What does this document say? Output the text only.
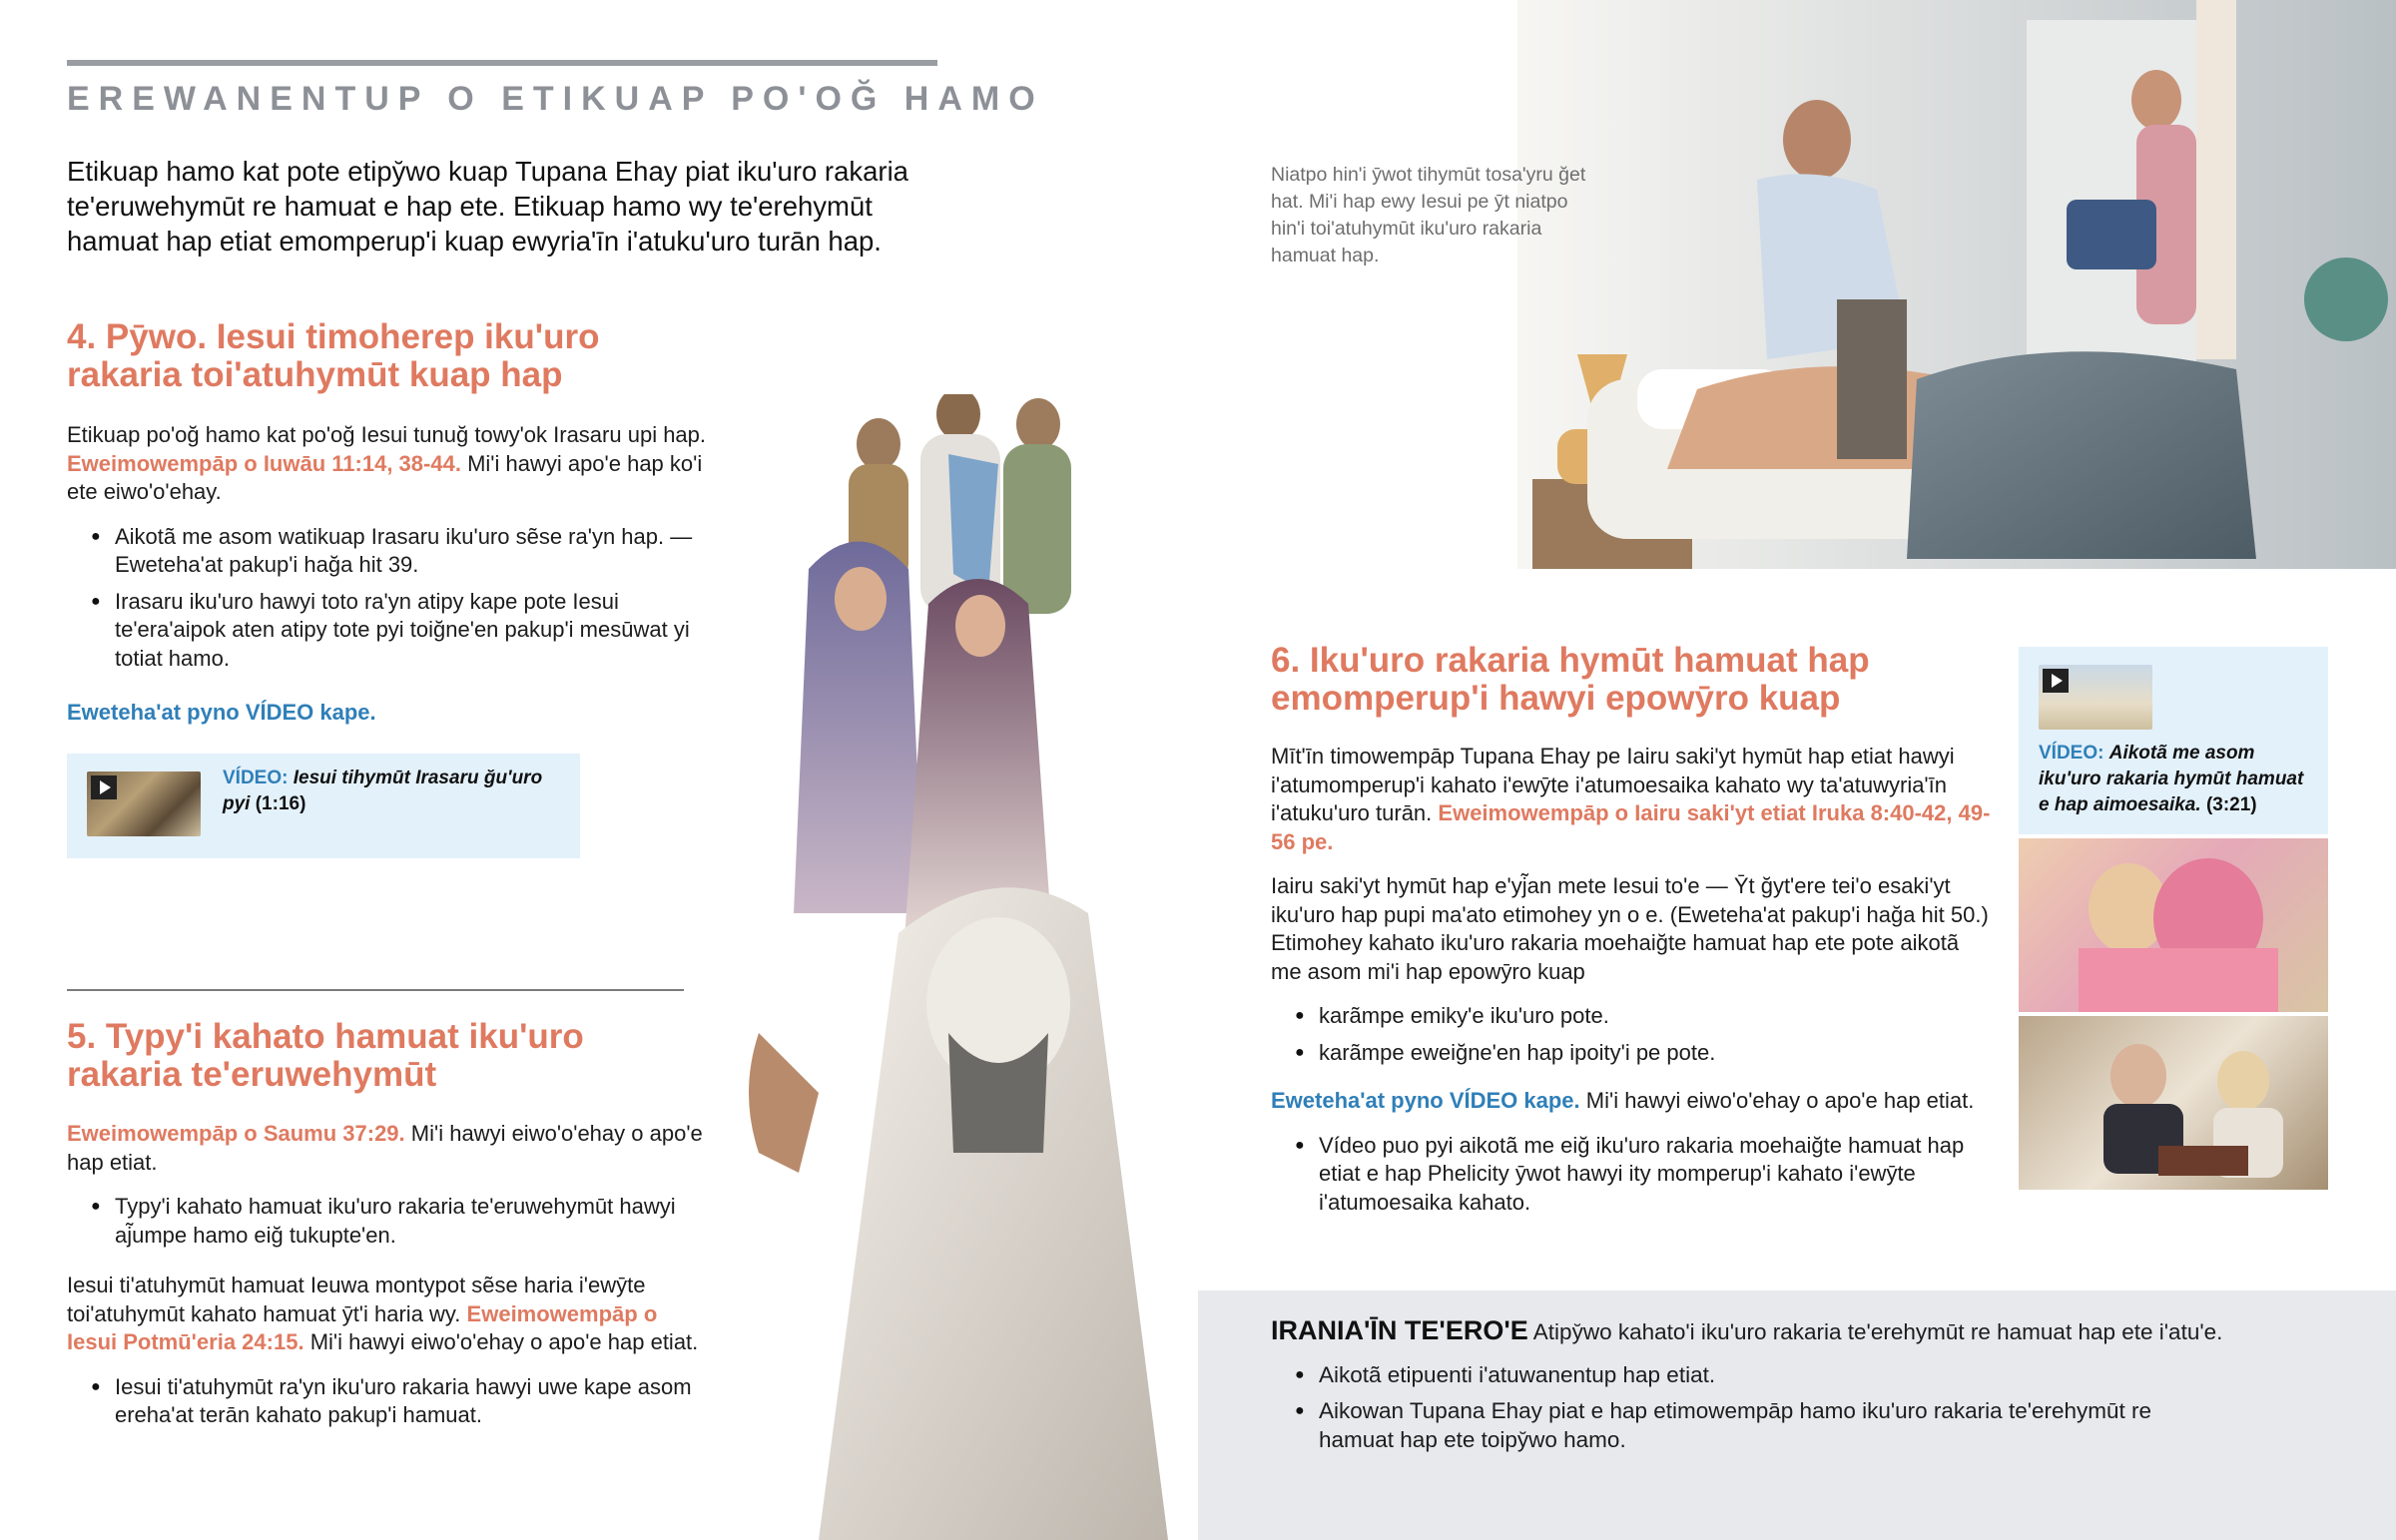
EREWANENTUP O ETIKUAP PO'OĞ HAMO
Etikuap hamo kat pote etipy̆wo kuap Tupana Ehay piat iku'uro rakaria te'eruwehymūt re hamuat e hap ete. Etikuap hamo wy te'erehymūt hamuat hap etiat emomperup'i kuap ewyria'īn i'atuku'uro turān hap.
4. Pȳwo. Iesui timoherep iku'uro rakaria toi'atuhymūt kuap hap

Etikuap po'oğ hamo kat po'oğ Iesui tunuğ towy'ok Irasaru upi hap. Eweimowempāp o Iuwāu 11:14, 38-44. Mi'i hawyi apo'e hap ko'i ete eiwo'o'ehay.

● Aikotã me asom watikuap Irasaru iku'uro sẽse ra'yn hap. — Eweteha'at pakup'i hağa hit 39.
● Irasaru iku'uro hawyi toto ra'yn atipy kape pote Iesui te'era'aipok aten atipy tote pyi toiğne'en pakup'i mesūwat yi totiat hamo.
Eweteha'at pyno VÍDEO kape.
VÍDEO: Iesui tihymūt Irasaru ğu'uro pyi (1:16)
5. Typy'i kahato hamuat iku'uro rakaria te'eruwehymūt

Eweimowempāp o Saumu 37:29. Mi'i hawyi eiwo'o'ehay o apo'e hap etiat.

● Typy'i kahato hamuat iku'uro rakaria te'eruwehymūt hawyi aj̃umpe hamo eiğ tukupte'en.

Iesui ti'atuhymūt hamuat Ieuwa montypot sẽse haria i'ewȳte toi'atuhymūt kahato hamuat ȳt'i haria wy. Eweimowempāp o Iesui Potmū'eria 24:15. Mi'i hawyi eiwo'o'ehay o apo'e hap etiat.

● Iesui ti'atuhymūt ra'yn iku'uro rakaria hawyi uwe kape asom ereha'at terān kahato pakup'i hamuat.
Niatpo hin'i ȳwot tihymūt tosa'yru ğet hat. Mi'i hap ewy Iesui pe ȳt niatpo hin'i toi'atuhymūt iku'uro rakaria hamuat hap.
6. Iku'uro rakaria hymūt hamuat hap emomperup'i hawyi epowȳro kuap

Mīt'īn timowempāp Tupana Ehay pe Iairu saki'yt hymūt hap etiat hawyi i'atumomperup'i kahato i'ewȳte i'atumoesaika kahato wy ta'atuwyria'īn i'atuku'uro turān. Eweimowempāp o Iairu saki'yt etiat Iruka 8:40-42, 49-56 pe.

Iairu saki'yt hymūt hap e'yj̃an mete Iesui to'e — Ȳt ğyt'ere tei'o esaki'yt iku'uro hap pupi ma'ato etimohey yn o e. (Eweteha'at pakup'i hağa hit 50.) Etimohey kahato iku'uro rakaria moehaiğte hamuat hap ete pote aikotã me asom mi'i hap epowȳro kuap

● karãmpe emiky'e iku'uro pote.
● karãmpe eweiğne'en hap ipoity'i pe pote.

Eweteha'at pyno VÍDEO kape. Mi'i hawyi eiwo'o'ehay o apo'e hap etiat.

● Vídeo puo pyi aikotã me eiğ iku'uro rakaria moehaiğte hamuat hap etiat e hap Phelicity ȳwot hawyi ity momperup'i kahato i'ewȳte i'atumoesaika kahato.
VÍDEO: Aikotã me asom iku'uro rakaria hymūt hamuat e hap aimoesaika. (3:21)

IRANIA'ĪN TE'ERO'E Atipy̆wo kahato'i iku'uro rakaria te'erehymūt re hamuat hap ete i'atu'e.

● Aikotã etipuenti i'atuwanentup hap etiat.
● Aikowan Tupana Ehay piat e hap etimowempāp hamo iku'uro rakaria te'erehymūt re hamuat hap ete toipy̆wo hamo.
